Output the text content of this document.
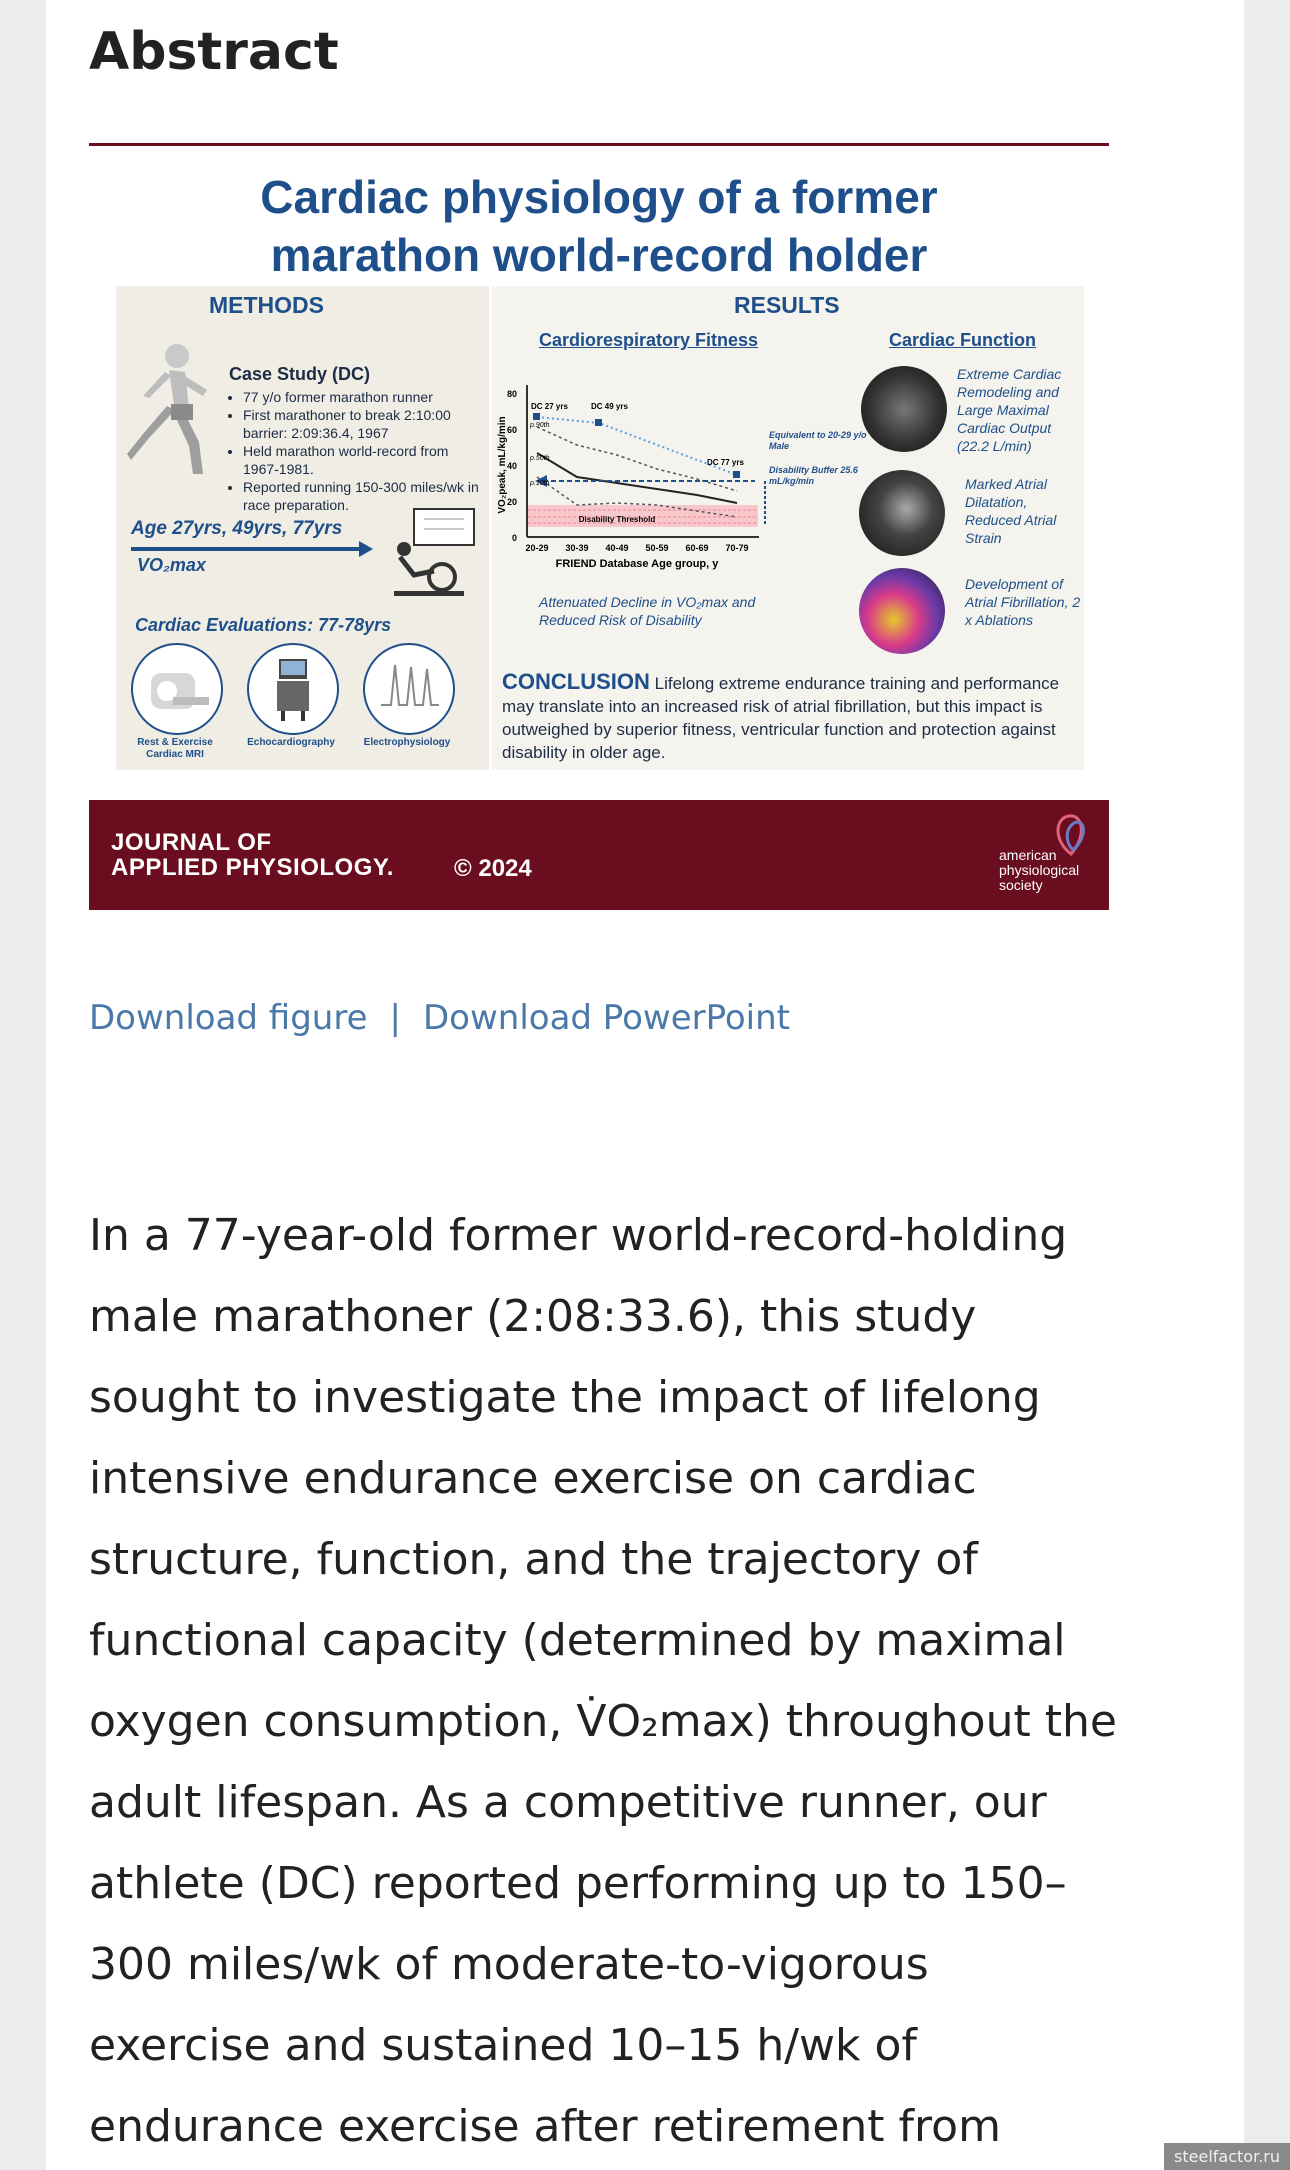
Abstract
Cardiac physiology of a former
marathon world-record holder
METHODS	RESULTS
Case Study (DC)
• 77 y/o former marathon runner
• First marathoner to break 2:10:00 barrier: 2:09:36.4, 1967
• Held marathon world-record from 1967-1981.
• Reported running 150-300 miles/wk in race preparation.
Age 27yrs, 49yrs, 77yrs
VO₂max
Cardiac Evaluations: 77-78yrs
Rest & Exercise Cardiac MRI
Echocardiography	Electrophysiology
Cardiorespiratory Fitness	Cardiac Function
0
20
40
60
80
20-29 30-39 40-49 50-59 60-69 70-79
FRIEND Database Age group, y
VO₂peak, mL/kg/min
Disability Threshold
DC 27 yrs	DC 49 yrs
DC 77 yrs
p.90th
p.50th
p.10th
Equivalent to 20-29 y/o Male
Disability Buffer 25.6 mL/kg/min
Attenuated Decline in VO₂max and Reduced Risk of Disability
Extreme Cardiac Remodeling and Large Maximal Cardiac Output (22.2 L/min)
Marked Atrial Dilatation, Reduced Atrial Strain
Development of Atrial Fibrillation, 2 x Ablations
CONCLUSION Lifelong extreme endurance training and performance may translate into an increased risk of atrial fibrillation, but this impact is outweighed by superior fitness, ventricular function and protection against disability in older age.
JOURNAL OF
APPLIED PHYSIOLOGY.	© 2024	american
physiological
society
Download figure | Download PowerPoint

In a 77-year-old former world-record-holding male marathoner (2:08:33.6), this study sought to investigate the impact of lifelong intensive endurance exercise on cardiac structure, function, and the trajectory of functional capacity (determined by maximal oxygen consumption, V̇O₂max) throughout the adult lifespan. As a competitive runner, our athlete (DC) reported performing up to 150–300 miles/wk of moderate-to-vigorous exercise and sustained 10–15 h/wk of endurance exercise after retirement from

steelfactor.ru
